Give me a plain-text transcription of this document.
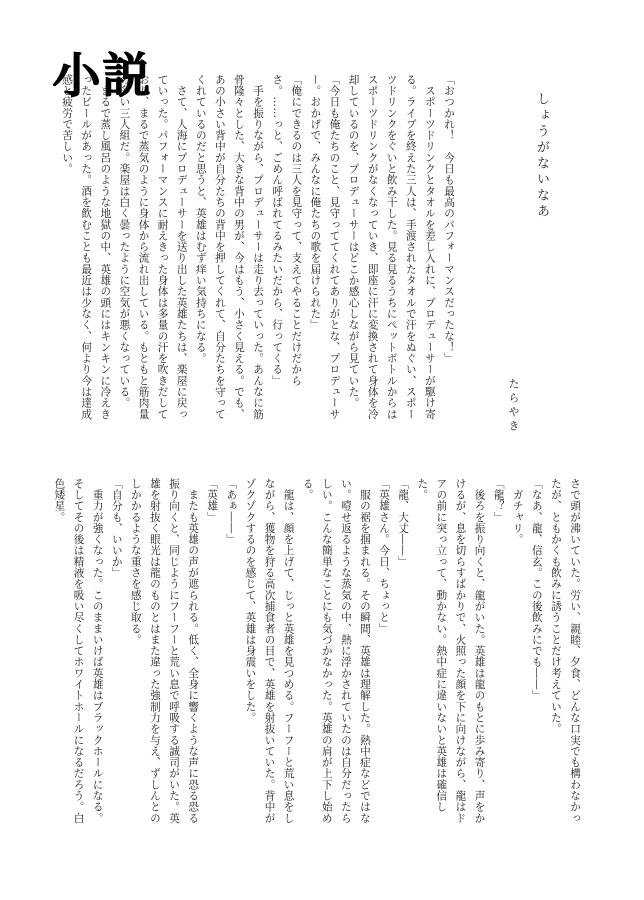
小説
しょうがないなあ
たらやき

「おつかれ！　今日も最高のパフォーマンスだったな！」

　スポーツドリンクとタオルを差し入れに、プロデューサーが駆け寄る。ライブを終えた三人は、手渡されたタオルで汗をぬぐい、スポーツドリンクをぐいと飲み干した。見る見るうちにペットボトルからはスポーツドリンクがなくなっていき、即座に汗に変換されて身体を冷却しているのを、プロデューサーはどこか感心しながら見ていた。

「今日も俺たちのこと、見守っててくれてありがとな、プロデューサー。おかげで、みんなに俺たちの歌を届けられた」

「俺にできるのは三人を見守って、支えてやることだけだからさ。……っと、ごめん呼ばれてるみたいだから、行ってくる」

　手を振りながら、プロデューサーは走り去っていった。あんなに筋骨隆々とした、大きな背中の男が、今はもう、小さく見える。でも、あの小さい背中が自分たちの背中を押してくれて、自分たちを守ってくれているのだと思うと、英雄はむず痒い気持ちになる。

　さて、人海にプロデューサーを送り出した英雄たちは、楽屋に戻っていった。パフォーマンスに耐えきった身体は多量の汗を吹きだしており、まるで蒸気のように身体から流れ出している。もともと筋肉量の多い三人組だ。楽屋は白く曇ったように空気が悪くなっている。

　まるで蒸し風呂のような地獄の中、英雄の頭にはキンキンに冷えきったビールがあった。酒を飲むことも最近は少なく、何より今は達成感と疲労で苦しい。

さで頭が沸いていた。労い、親睦、夕食、どんな口実でも構わなかったが、ともかくも飲みに誘うことだけ考えていた。

「なあ、龍、信玄。この後飲みにでも――」

　ガチャリ。

「龍？」

　後ろを振り向くと、龍がいた。英雄は龍のもとに歩み寄り、声をかけるが、息を切らすばかりで、火照った顔を下に向けながら、龍はドアの前に突っ立って、動かない。熱中症に違いないと英雄は確信した。

「龍、大丈――」

「英雄さん。今日、ちょっと」

　服の裾を掴まれる。その瞬間、英雄は理解した。熱中症などではない。噎せ返るような蒸気の中、熱に浮かされていたのは自分だったらしい。こんな簡単なことにも気づかなかった。英雄の肩が上下し始める。

　龍は、顔を上げて、じっと英雄を見つめる。フーフーと荒い息をしながら、獲物を狩る高次捕食者の目で、英雄を射抜いていた。背中がゾクゾクするのを感じて、英雄は身震いをした。

「あぁ――」

「英雄」

　またも英雄の声が遮られる。低く、全身に響くような声に恐る恐る振り向くと、同じようにフーフーと荒い息で呼吸する誠司がいた。英雄を射抜く眼光は龍のものとはまた違った強制力を与え、ずしんとのしかかるような重さを感じ取る。

「自分も、いいか」

　重力が強くなった。このままいけば英雄はブラックホールになる。そしてその後は精液を吸い尽くしてホワイトホールになるだろう。白色矮星。
